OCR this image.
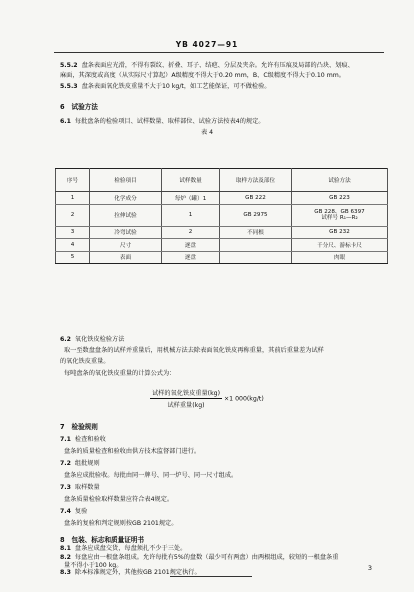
YB 4027—91
5.5.2 盘条表面应光滑，不得有裂纹、折叠、耳子、结疤、分层及夹杂。允许有压痕及局部的凸块、划痕、
麻面，其深度或高度（从实际尺寸算起）A级精度不得大于0.20 mm，B、C级精度不得大于0.10 mm。
5.5.3 盘条表面氧化铁皮重量不大于10 kg/t，如工艺能保证，可不做检验。
6 试验方法
6.1 每批盘条的检验项目、试样数量、取样部位、试验方法按表4的规定。
表 4
序号	检验项目	试样数量	取样方法及部位	试验方法
1	化学成分	每炉（罐）1	GB 222	GB 223
2	拉伸试验	1	GB 2975	GB 228、GB 6397
试样号 R₁—R₂

3	冷弯试验	2	不同根	GB 232
4	尺寸	逐盘		千分尺、游标卡尺
5	表面	逐盘		肉眼
6.2 氧化铁皮检验方法
取一至数盘盘条的试样并重量后，用机械方法去除表面氧化铁皮再称重量，其前后重量差为试样
的氧化铁皮重量。
每吨盘条的氧化铁皮重量的计算公式为：
$\frac{\text{试样的氧化铁皮重量(kg)}}{\text{试样重量(kg)}} \times 1$ 000(kg/t)
7 检验规则
7.1 检查和验收
盘条的质量检查和验收由供方技术监督部门进行。
7.2 组批规则
盘条应成批验收。每批由同一牌号、同一炉号、同一尺寸组成。
7.3 取样数量
盘条质量检验取样数量应符合表4规定。
7.4 复验
盘条的复验和判定规则按GB 2101规定。
8 包装、标志和质量证明书
8.1 盘条应成盘交货，每盘须扎不少于三处。
8.2 每盘应由一根盘条组成。允许每批有5%的盘数（最少可有两盘）由两根组成，较短的一根盘条重
量不得小于100 kg。
8.3 除本标准规定外，其他按GB 2101规定执行。
3
